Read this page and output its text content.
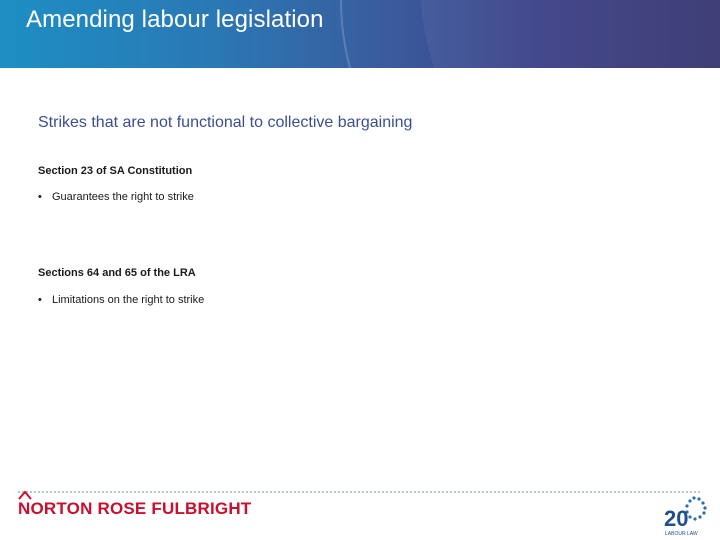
Amending labour legislation
Strikes that are not functional to collective bargaining
Section 23 of SA Constitution
• Guarantees the right to strike
Sections 64 and 65 of the LRA
• Limitations on the right to strike
NORTON ROSE FULBRIGHT	20
LABOUR LAW
